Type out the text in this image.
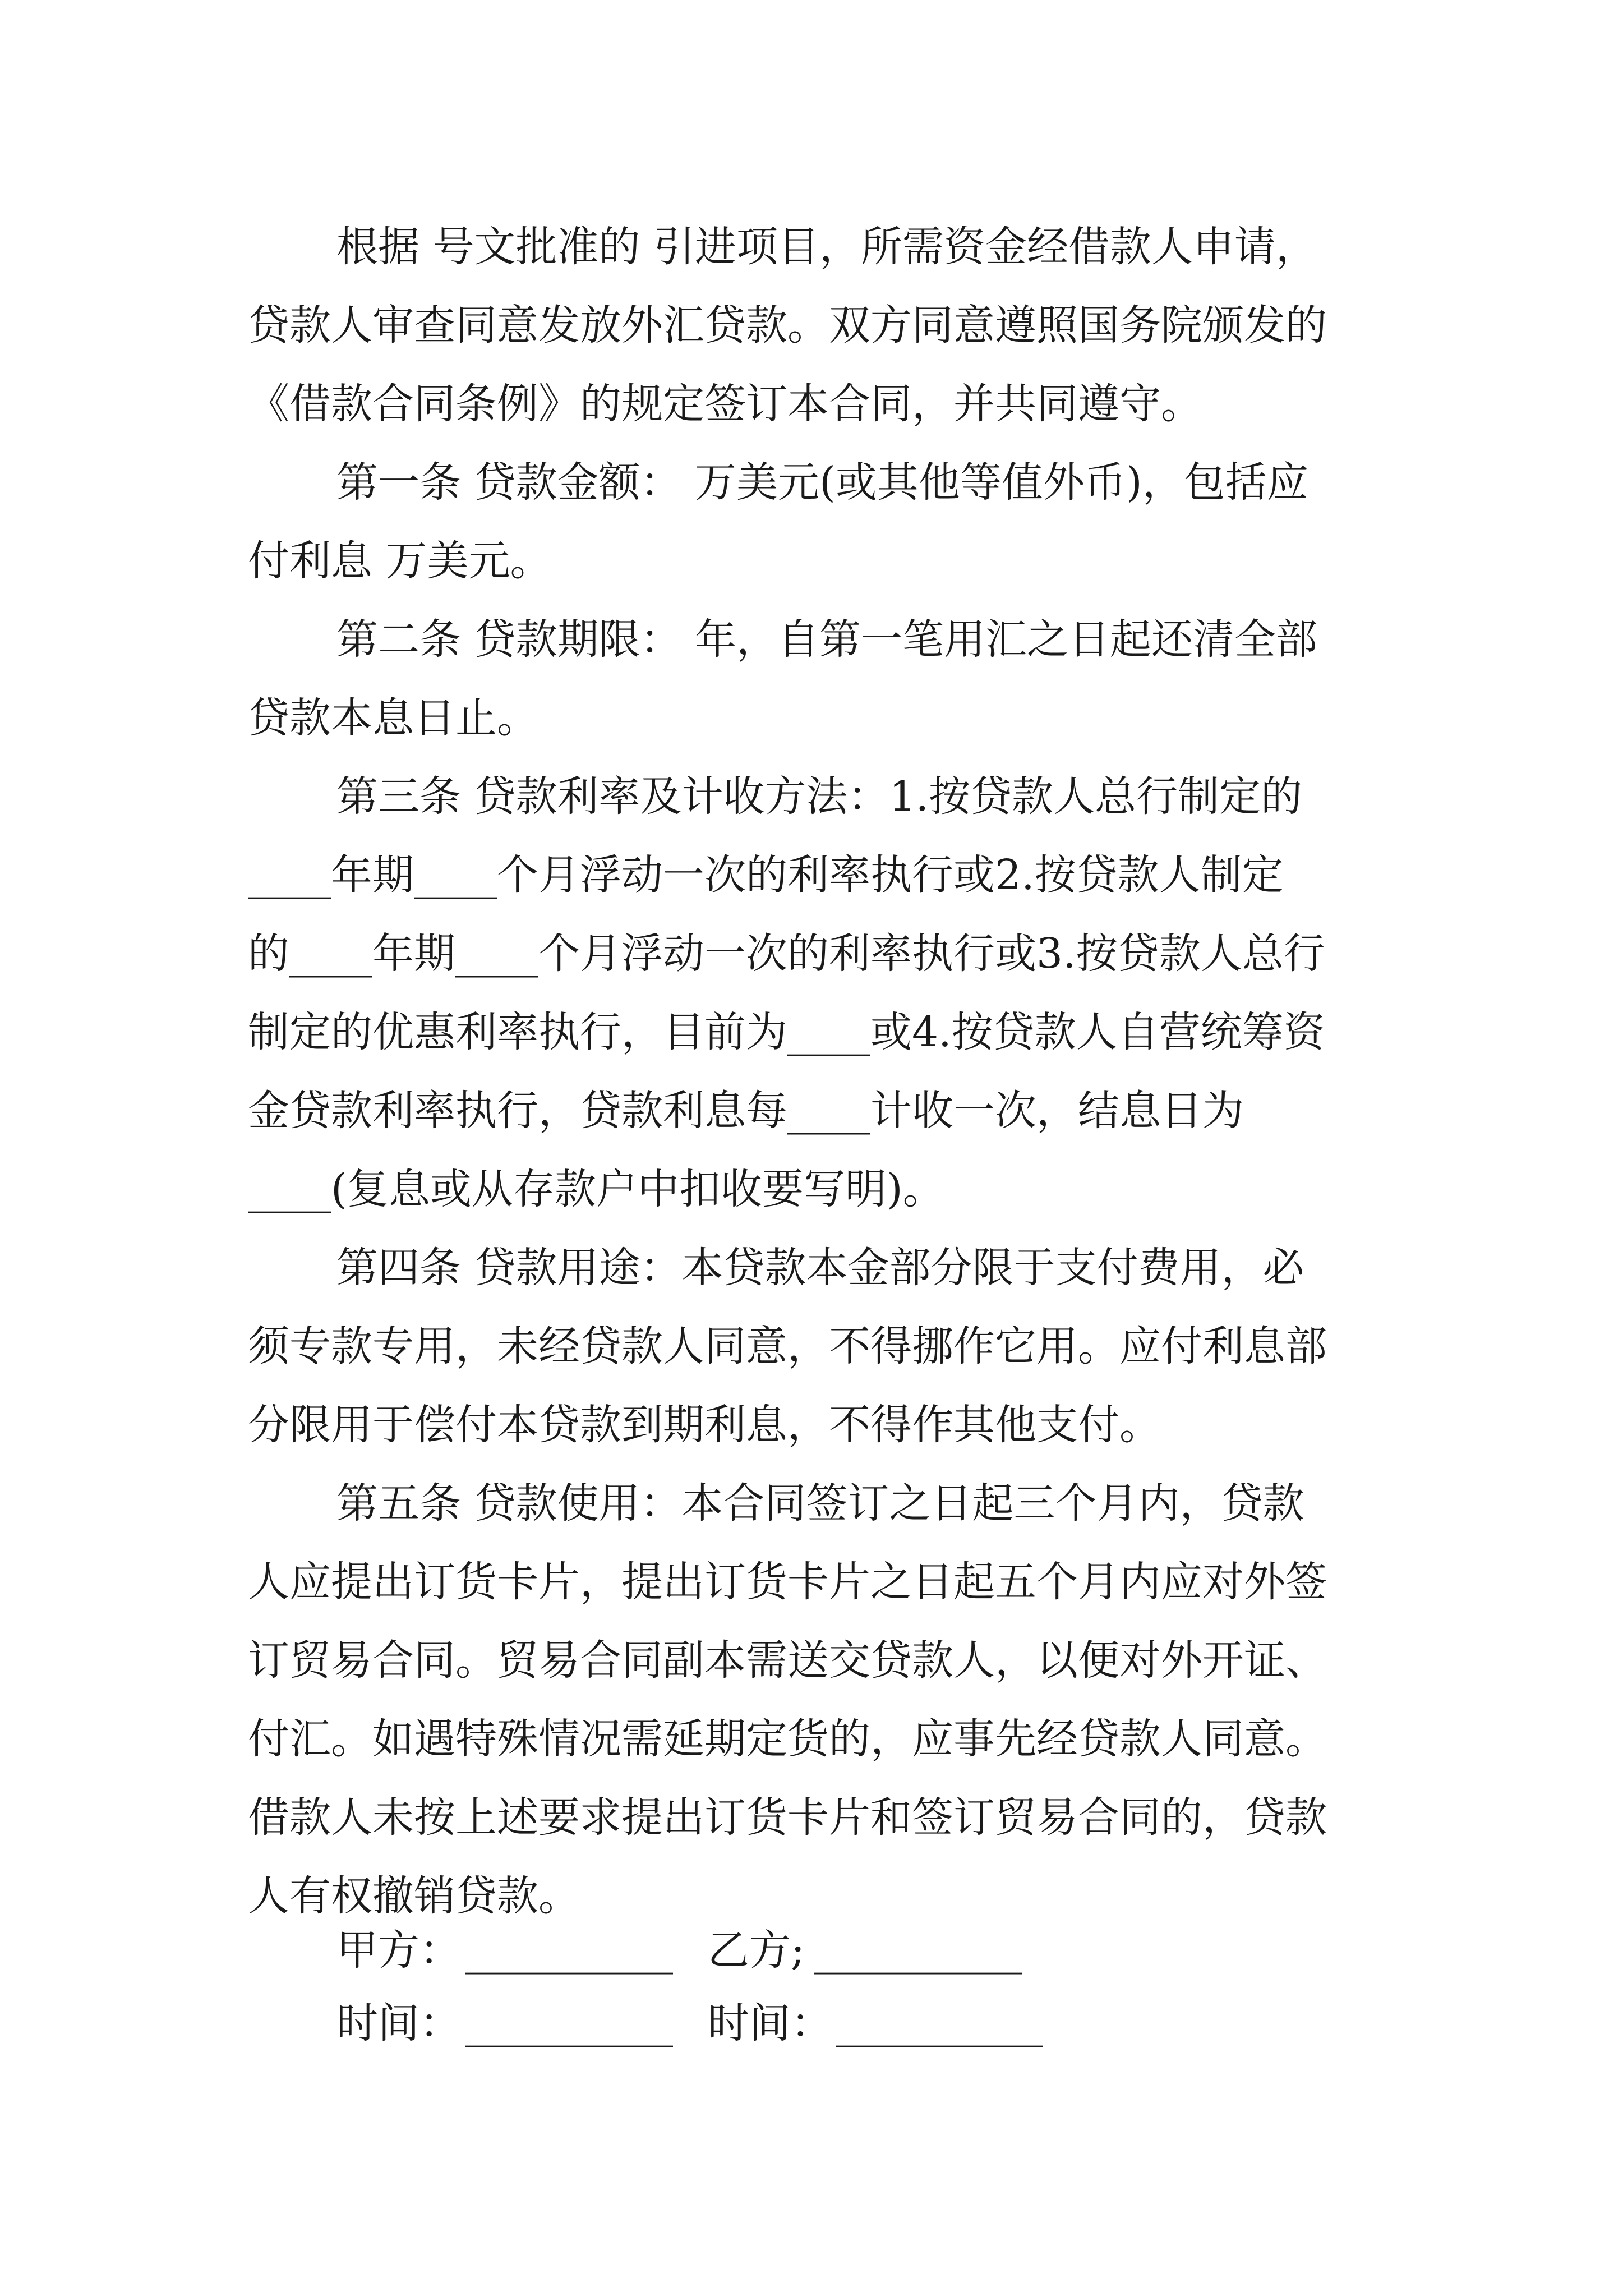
根据 号文批准的 引进项目，所需资金经借款人申请，
贷款人审查同意发放外汇贷款。双方同意遵照国务院颁发的
《借款合同条例》的规定签订本合同，并共同遵守。
第一条 贷款金额： 万美元(或其他等值外币)，包括应
付利息 万美元。
第二条 贷款期限： 年，自第一笔用汇之日起还清全部
贷款本息日止。
第三条 贷款利率及计收方法：1.按贷款人总行制定的
____年期____个月浮动一次的利率执行或2.按贷款人制定
的____年期____个月浮动一次的利率执行或3.按贷款人总行
制定的优惠利率执行，目前为____或4.按贷款人自营统筹资
金贷款利率执行，贷款利息每____计收一次，结息日为
____(复息或从存款户中扣收要写明)。
第四条 贷款用途：本贷款本金部分限于支付费用，必
须专款专用，未经贷款人同意，不得挪作它用。应付利息部
分限用于偿付本贷款到期利息，不得作其他支付。
第五条 贷款使用：本合同签订之日起三个月内，贷款
人应提出订货卡片，提出订货卡片之日起五个月内应对外签
订贸易合同。贸易合同副本需送交贷款人，以便对外开证、
付汇。如遇特殊情况需延期定货的，应事先经贷款人同意。
借款人未按上述要求提出订货卡片和签订贸易合同的，贷款
人有权撤销贷款。
甲方： __________ 乙方; __________
时间： __________ 时间： __________
